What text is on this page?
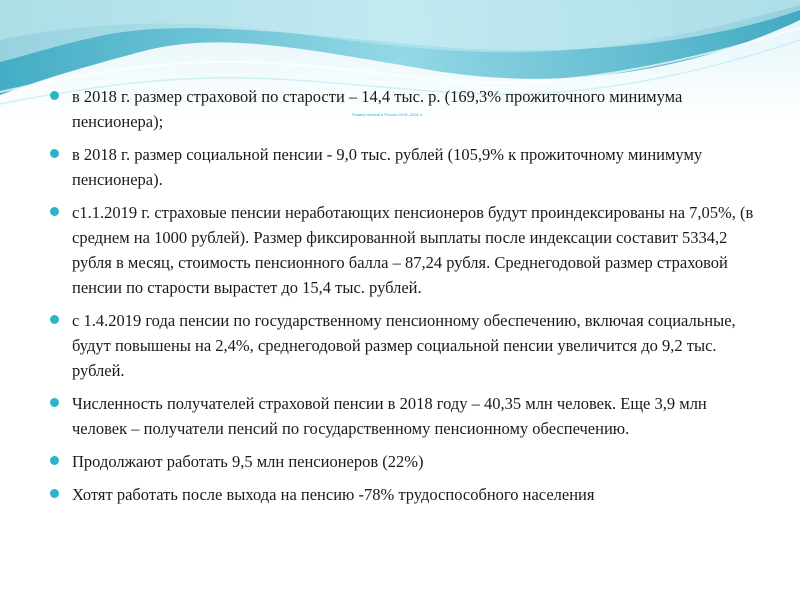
Размер пенсий в России 2015–2018 гг.
в 2018 г. размер страховой по старости – 14,4 тыс. р. (169,3% прожиточного минимума пенсионера);
в 2018 г. размер социальной пенсии - 9,0 тыс. рублей (105,9% к прожиточному минимуму пенсионера).
с1.1.2019 г. страховые пенсии неработающих пенсионеров будут проиндексированы на 7,05%, (в среднем на 1000 рублей). Размер фиксированной выплаты после индексации составит 5334,2 рубля в месяц, стоимость пенсионного балла – 87,24 рубля. Среднегодовой размер страховой пенсии по старости вырастет до 15,4 тыс. рублей.
с 1.4.2019 года пенсии по государственному пенсионному обеспечению, включая социальные, будут повышены на 2,4%, среднегодовой размер социальной пенсии увеличится до 9,2 тыс. рублей.
Численность получателей страховой пенсии в 2018 году – 40,35 млн человек. Еще 3,9 млн человек – получатели пенсий по государственному пенсионному обеспечению.
Продолжают работать 9,5 млн пенсионеров (22%)
Хотят работать после выхода на пенсию -78% трудоспособного населения
